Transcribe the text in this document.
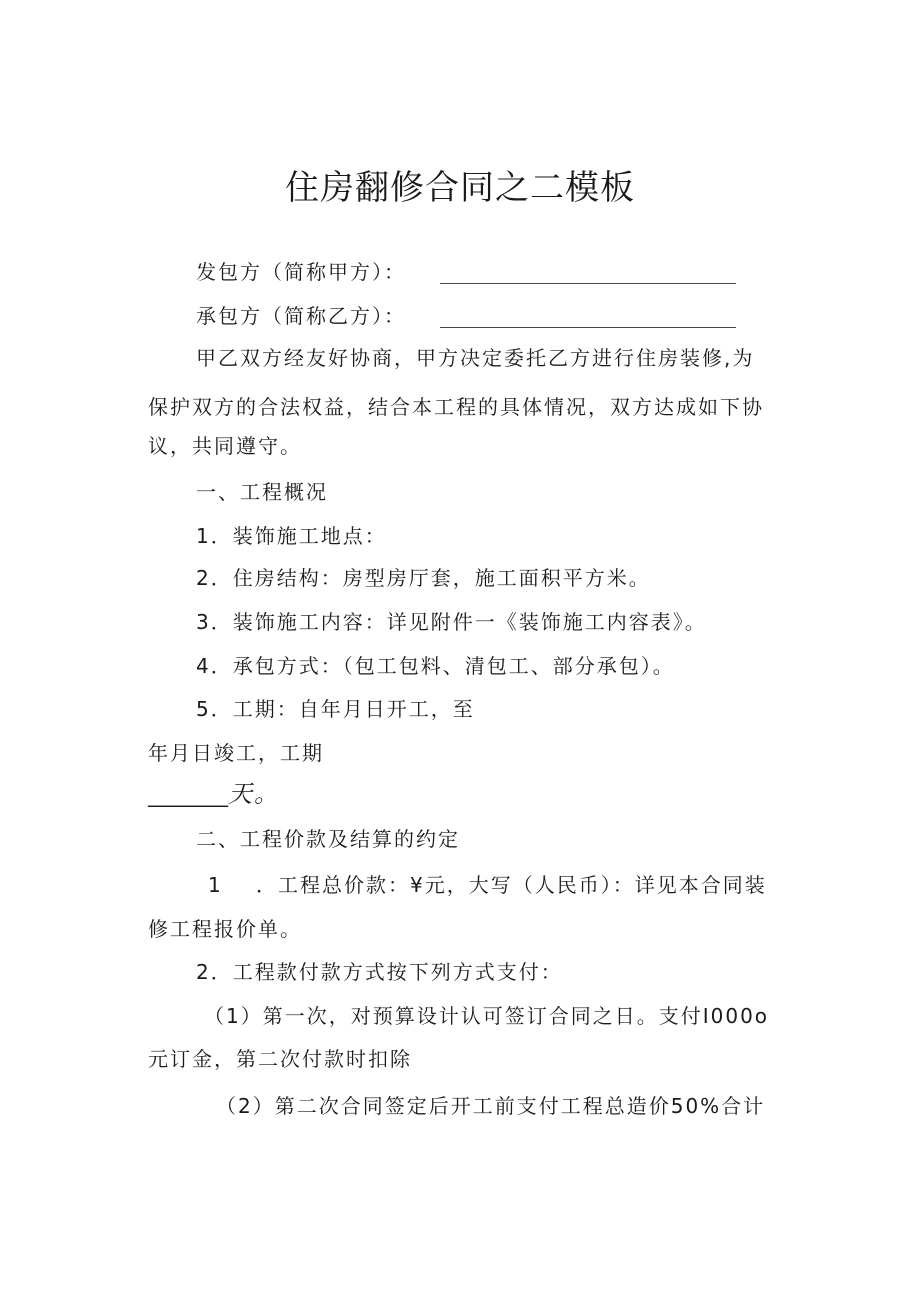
住房翻修合同之二模板
发包方（简称甲方）：
承包方（简称乙方）：
甲乙双方经友好协商，甲方决定委托乙方进行住房装修,为
保护双方的合法权益，结合本工程的具体情况，双方达成如下协
议，共同遵守。
一、工程概况
1．装饰施工地点：
2．住房结构：房型房厅套，施工面积平方米。
3．装饰施工内容：详见附件一《装饰施工内容表》。
4．承包方式：（包工包料、清包工、部分承包）。
5．工期：自年月日开工，至
年月日竣工，工期
________天。
二、工程价款及结算的约定
1 ．工程总价款：¥元，大写（人民币）：详见本合同装
修工程报价单。
2．工程款付款方式按下列方式支付：
（1）第一次，对预算设计认可签订合同之日。支付I000o
元订金，第二次付款时扣除
（2）第二次合同签定后开工前支付工程总造价50%合计
